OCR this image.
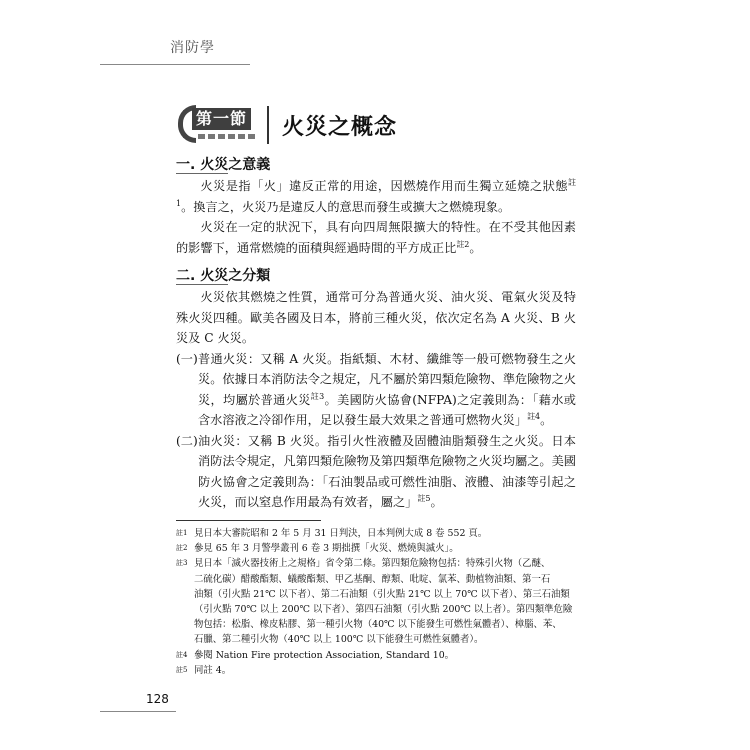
消防學
第一節 火災之概念
一. 火災之意義

火災是指「火」違反正常的用途，因燃燒作用而生獨立延燒之狀態$^{註1}$。換言之，火災乃是違反人的意思而發生或擴大之燃燒現象。

火災在一定的狀況下，具有向四周無限擴大的特性。在不受其他因素的影響下，通常燃燒的面積與經過時間的平方成正比$^{註2}$。

二. 火災之分類

火災依其燃燒之性質，通常可分為普通火災、油火災、電氣火災及特殊火災四種。歐美各國及日本，將前三種火災，依次定名為 A 火災、B 火災及 C 火災。

(一) 普通火災：又稱 A 火災。指紙類、木材、纖維等一般可燃物發生之火災。依據日本消防法令之規定，凡不屬於第四類危險物、準危險物之火災，均屬於普通火災$^{註3}$。美國防火協會(NFPA)之定義則為：「藉水或含水溶液之冷卻作用，足以發生最大效果之普通可燃物火災」$^{註4}$。

(二) 油火災：又稱 B 火災。指引火性液體及固體油脂類發生之火災。日本消防法令規定，凡第四類危險物及第四類準危險物之火災均屬之。美國防火協會之定義則為：「石油製品或可燃性油脂、液體、油漆等引起之火災，而以窒息作用最為有效者，屬之」$^{註5}$。

註1 見日本大審院昭和 2 年 5 月 31 日判決，日本判例大成 8 卷 552 頁。

註2 參見 65 年 3 月警學叢刊 6 卷 3 期拙撰「火災、燃燒與滅火」。

註3 見日本「滅火器技術上之規格」省令第二條。第四類危險物包括：特殊引火物（乙醚、
二硫化碳）醋酸酯類、蟻酸酯類、甲乙基酮、醇類、吡啶、氯苯、動植物油類、第一石
油類（引火點 21℃ 以下者）、第二石油類（引火點 21℃ 以上 70℃ 以下者）、第三石油類
（引火點 70℃ 以上 200℃ 以下者）、第四石油類（引火點 200℃ 以上者）。第四類準危險
物包括：松脂、橡皮粘膠、第一種引火物（40℃ 以下能發生可燃性氣體者）、樟腦、苯、
石臘、第二種引火物（40℃ 以上 100℃ 以下能發生可燃性氣體者）。

註4 參閱 Nation Fire protection Association, Standard 10。

註5 同註 4。

128
